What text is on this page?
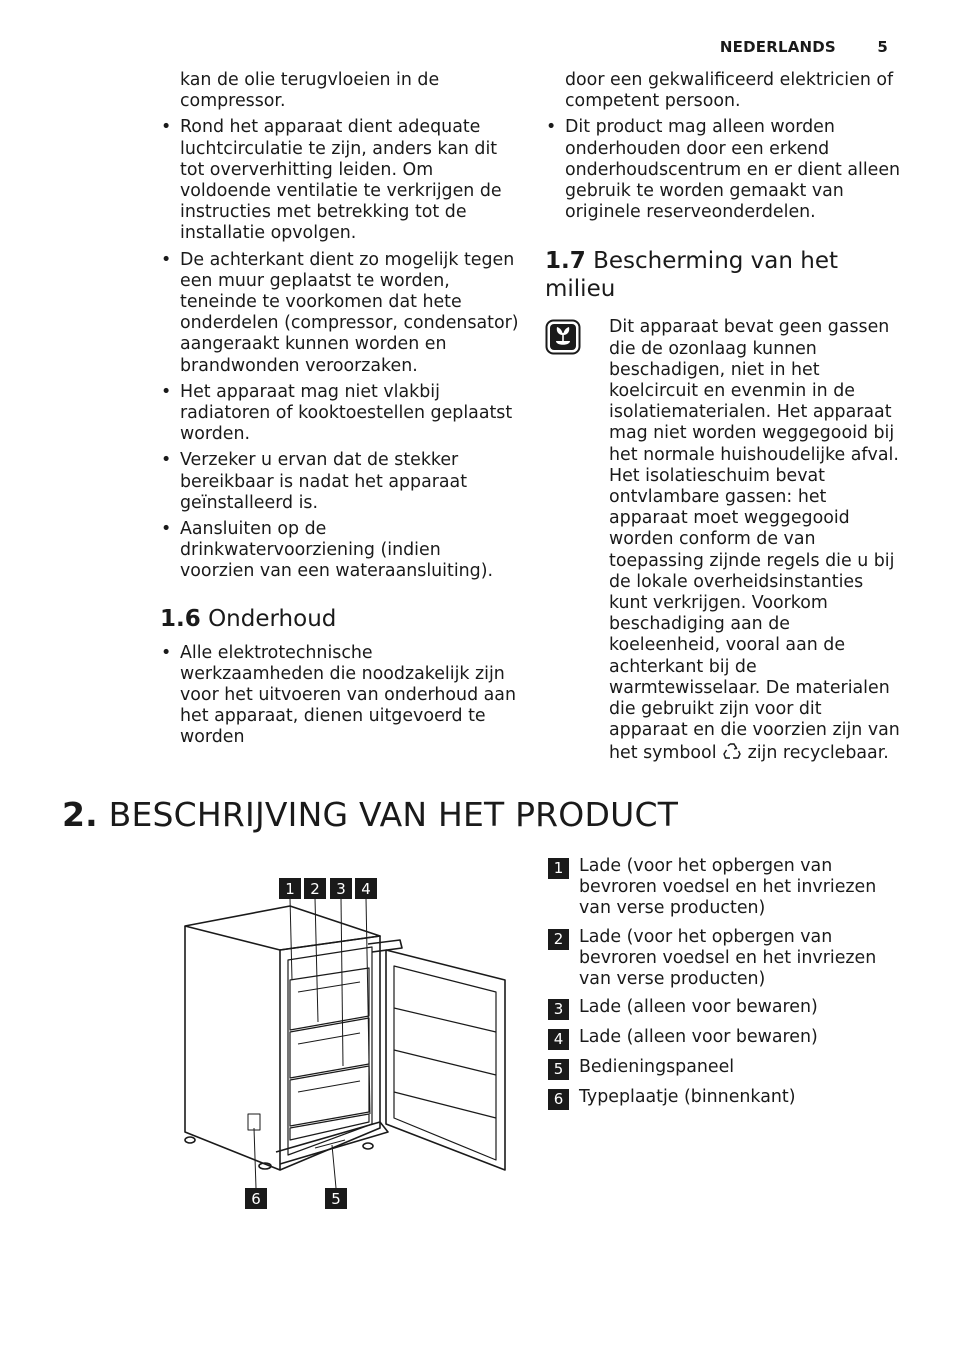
NEDERLANDS	5

kan de olie terugvloeien in de compressor.

• Rond het apparaat dient adequate luchtcirculatie te zijn, anders kan dit tot oververhitting leiden. Om voldoende ventilatie te verkrijgen de instructies met betrekking tot de installatie opvolgen.
• De achterkant dient zo mogelijk tegen een muur geplaatst te worden, teneinde te voorkomen dat hete onderdelen (compressor, condensator) aangeraakt kunnen worden en brandwonden veroorzaken.
• Het apparaat mag niet vlakbij radiatoren of kooktoestellen geplaatst worden.
• Verzeker u ervan dat de stekker bereikbaar is nadat het apparaat geïnstalleerd is.
• Aansluiten op de drinkwatervoorziening (indien voorzien van een wateraansluiting).
1.6 Onderhoud
• Alle elektrotechnische werkzaamheden die noodzakelijk zijn voor het uitvoeren van onderhoud aan het apparaat, dienen uitgevoerd te worden

door een gekwalificeerd elektricien of competent persoon.

• Dit product mag alleen worden onderhouden door een erkend onderhoudscentrum en er dient alleen gebruik te worden gemaakt van originele reserveonderdelen.
1.7 Bescherming van het milieu
Dit apparaat bevat geen gassen die de ozonlaag kunnen beschadigen, niet in het koelcircuit en evenmin in de isolatiematerialen. Het apparaat mag niet worden weggegooid bij het normale huishoudelijke afval. Het isolatieschuim bevat ontvlambare gassen: het apparaat moet weggegooid worden conform de van toepassing zijnde regels die u bij de lokale overheidsinstanties kunt verkrijgen. Voorkom beschadiging aan de koeleenheid, vooral aan de achterkant bij de warmtewisselaar. De materialen die gebruikt zijn voor dit apparaat en die voorzien zijn van het symbool zijn recyclebaar.
2. BESCHRIJVING VAN HET PRODUCT
1 2 3 4
6	5
1 Lade (voor het opbergen van bevroren voedsel en het invriezen van verse producten)
2 Lade (voor het opbergen van bevroren voedsel en het invriezen van verse producten)
3 Lade (alleen voor bewaren)
4 Lade (alleen voor bewaren)
5 Bedieningspaneel
6 Typeplaatje (binnenkant)
